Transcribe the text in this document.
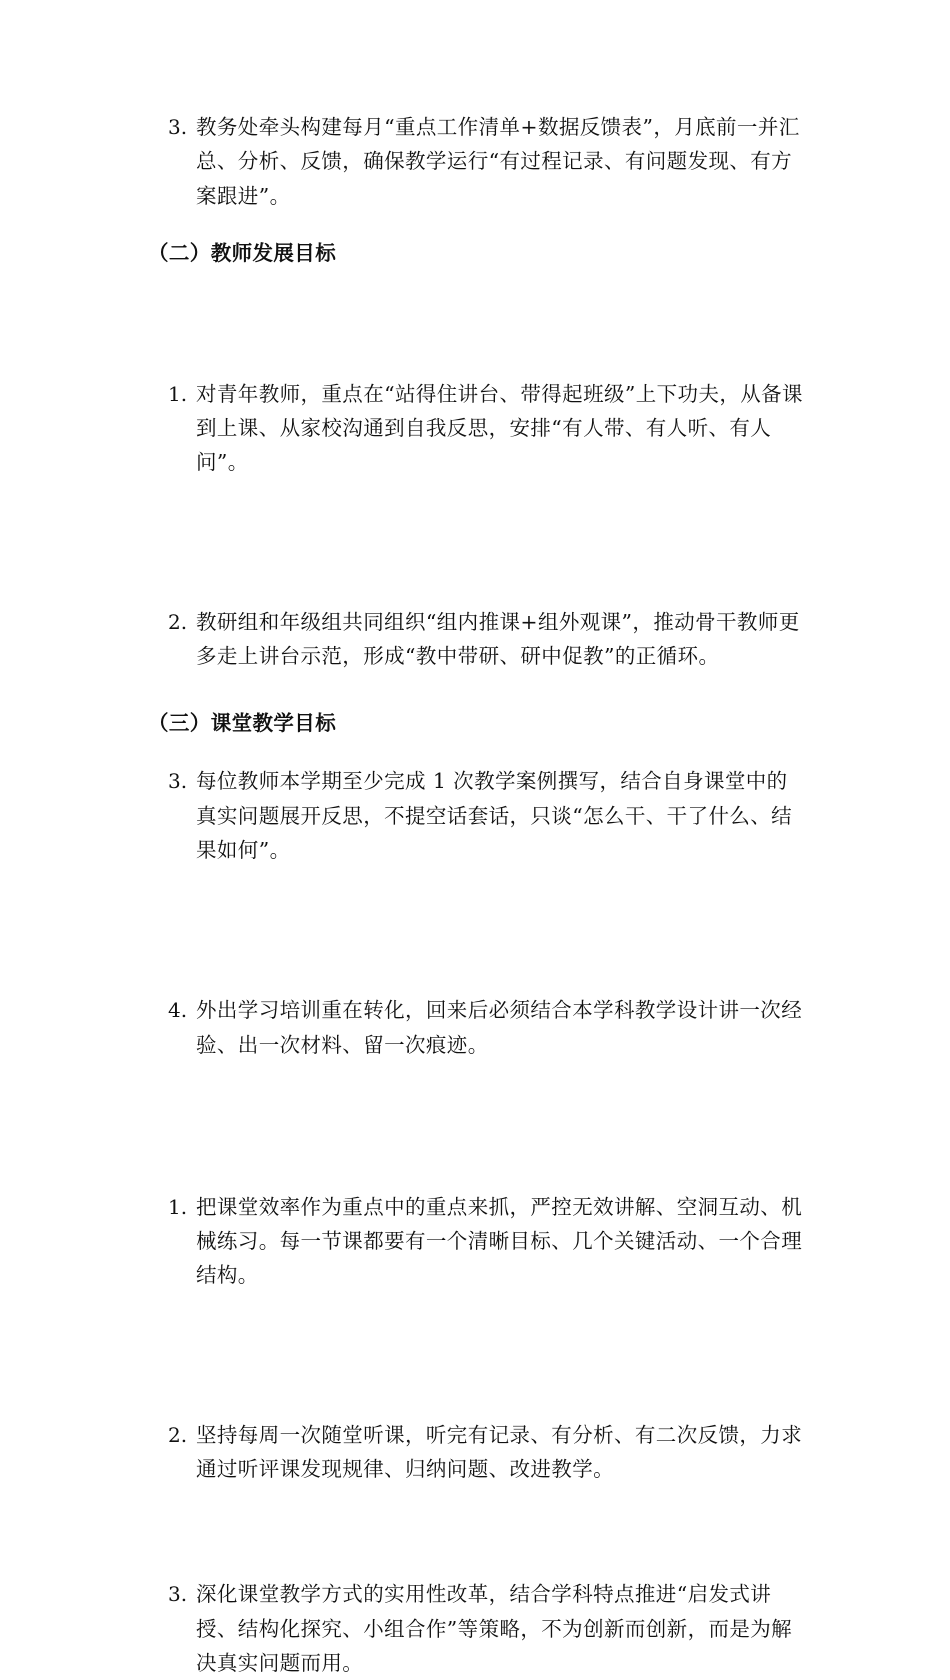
3. 教务处牵头构建每月“重点工作清单+数据反馈表”，月底前一并汇总、分析、反馈，确保教学运行“有过程记录、有问题发现、有方案跟进”。
（二）教师发展目标
1. 对青年教师，重点在“站得住讲台、带得起班级”上下功夫，从备课到上课、从家校沟通到自我反思，安排“有人带、有人听、有人问”。
2. 教研组和年级组共同组织“组内推课+组外观课”，推动骨干教师更多走上讲台示范，形成“教中带研、研中促教”的正循环。
3. 每位教师本学期至少完成 1 次教学案例撰写，结合自身课堂中的真实问题展开反思，不提空话套话，只谈“怎么干、干了什么、结果如何”。
4. 外出学习培训重在转化，回来后必须结合本学科教学设计讲一次经验、出一次材料、留一次痕迹。
（三）课堂教学目标
1. 把课堂效率作为重点中的重点来抓，严控无效讲解、空洞互动、机械练习。每一节课都要有一个清晰目标、几个关键活动、一个合理结构。
2. 坚持每周一次随堂听课，听完有记录、有分析、有二次反馈，力求通过听评课发现规律、归纳问题、改进教学。
3. 深化课堂教学方式的实用性改革，结合学科特点推进“启发式讲授、结构化探究、小组合作”等策略，不为创新而创新，而是为解决真实问题而用。
